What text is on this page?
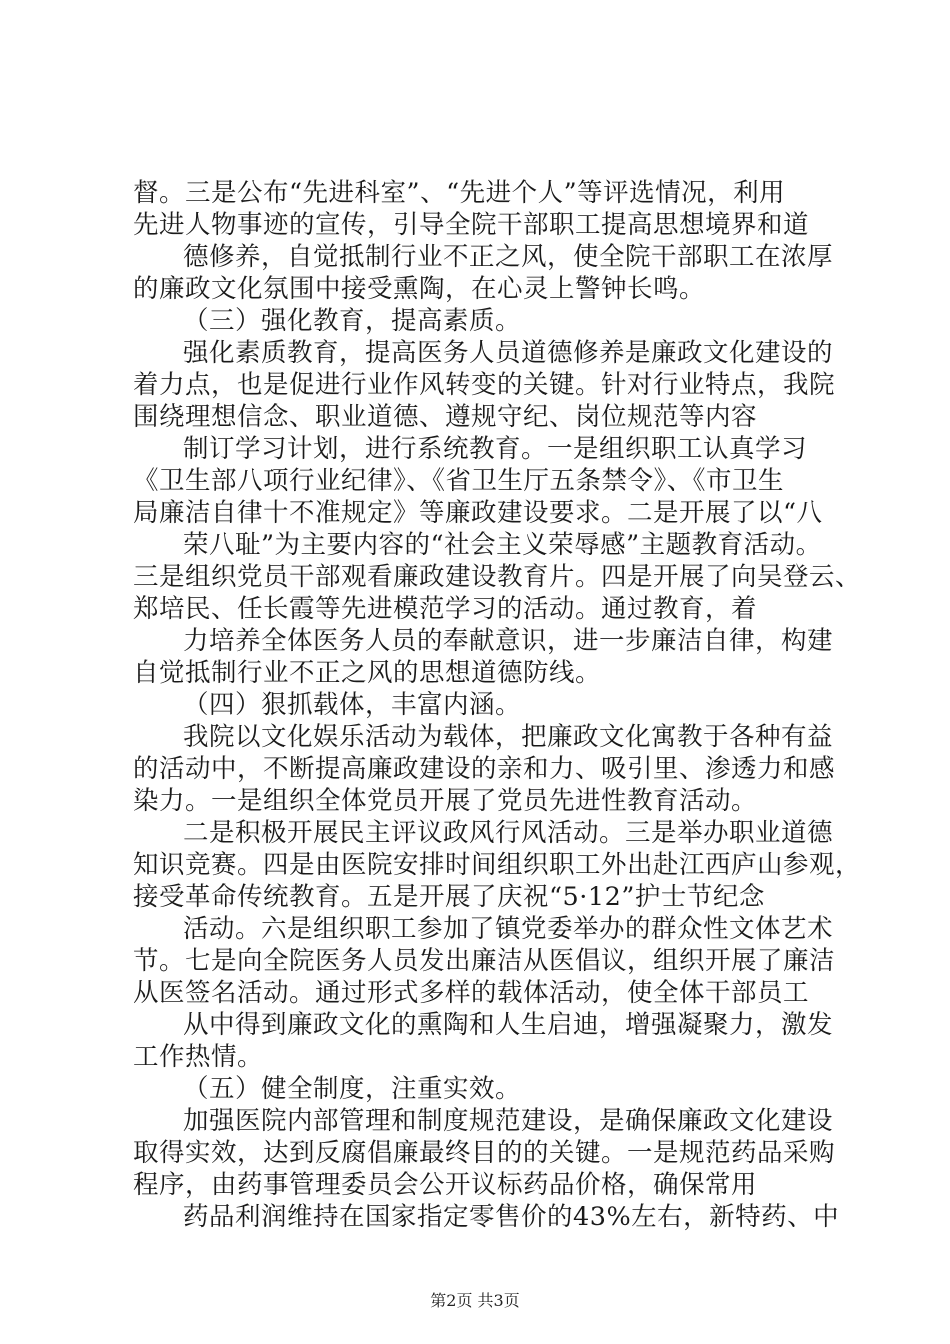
督。三是公布“先进科室”、“先进个人”等评选情况，利用
先进人物事迹的宣传，引导全院干部职工提高思想境界和道
德修养，自觉抵制行业不正之风，使全院干部职工在浓厚
的廉政文化氛围中接受熏陶，在心灵上警钟长鸣。
（三）强化教育，提高素质。
强化素质教育，提高医务人员道德修养是廉政文化建设的
着力点，也是促进行业作风转变的关键。针对行业特点，我院
围绕理想信念、职业道德、遵规守纪、岗位规范等内容
制订学习计划，进行系统教育。一是组织职工认真学习
《卫生部八项行业纪律》、《省卫生厅五条禁令》、《市卫生
局廉洁自律十不准规定》等廉政建设要求。二是开展了以“八
荣八耻”为主要内容的“社会主义荣辱感”主题教育活动。
三是组织党员干部观看廉政建设教育片。四是开展了向吴登云、
郑培民、任长霞等先进模范学习的活动。通过教育，着
力培养全体医务人员的奉献意识，进一步廉洁自律，构建
自觉抵制行业不正之风的思想道德防线。
（四）狠抓载体，丰富内涵。
我院以文化娱乐活动为载体，把廉政文化寓教于各种有益
的活动中，不断提高廉政建设的亲和力、吸引里、渗透力和感
染力。一是组织全体党员开展了党员先进性教育活动。
二是积极开展民主评议政风行风活动。三是举办职业道德
知识竞赛。四是由医院安排时间组织职工外出赴江西庐山参观，
接受革命传统教育。五是开展了庆祝“5·12”护士节纪念
活动。六是组织职工参加了镇党委举办的群众性文体艺术
节。七是向全院医务人员发出廉洁从医倡议，组织开展了廉洁
从医签名活动。通过形式多样的载体活动，使全体干部员工
从中得到廉政文化的熏陶和人生启迪，增强凝聚力，激发
工作热情。
（五）健全制度，注重实效。
加强医院内部管理和制度规范建设，是确保廉政文化建设
取得实效，达到反腐倡廉最终目的的关键。一是规范药品采购
程序，由药事管理委员会公开议标药品价格，确保常用
药品利润维持在国家指定零售价的43%左右，新特药、中
第2页 共3页
